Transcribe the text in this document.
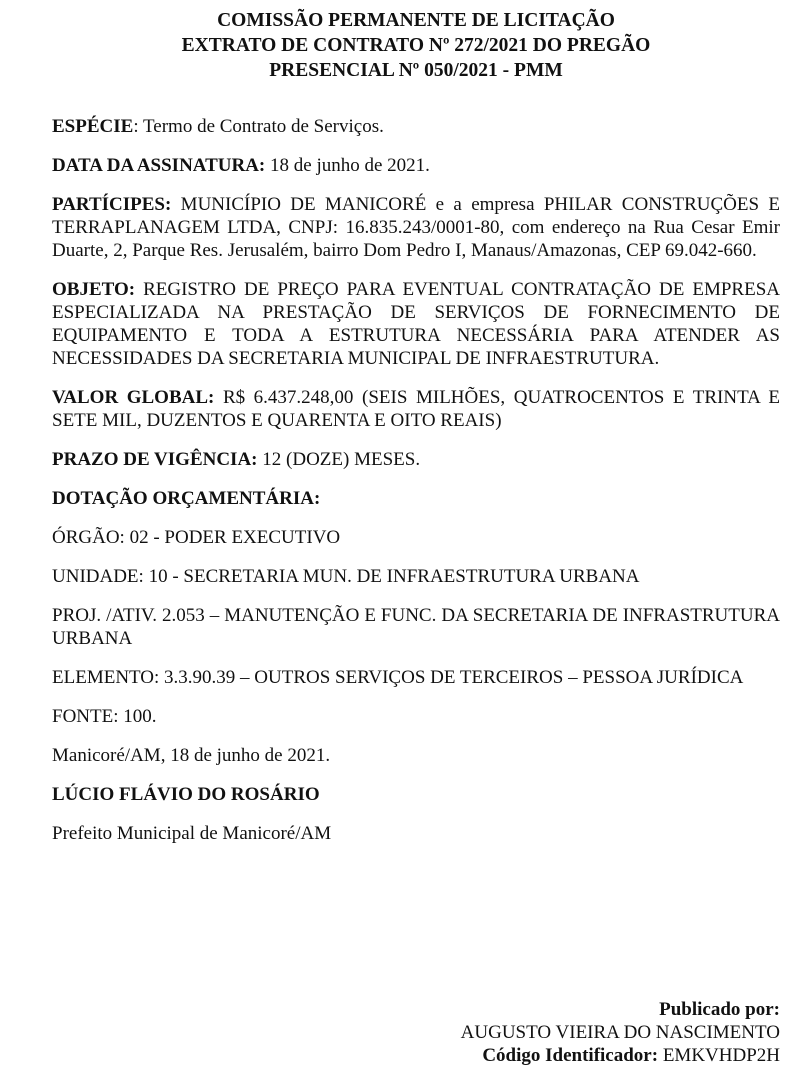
COMISSÃO PERMANENTE DE LICITAÇÃO
EXTRATO DE CONTRATO Nº 272/2021 DO PREGÃO
PRESENCIAL Nº 050/2021 - PMM

ESPÉCIE: Termo de Contrato de Serviços.

DATA DA ASSINATURA: 18 de junho de 2021.

PARTÍCIPES: MUNICÍPIO DE MANICORÉ e a empresa PHILAR CONSTRUÇÕES E TERRAPLANAGEM LTDA, CNPJ: 16.835.243/0001-80, com endereço na Rua Cesar Emir Duarte, 2, Parque Res. Jerusalém, bairro Dom Pedro I, Manaus/Amazonas, CEP 69.042-660.

OBJETO: REGISTRO DE PREÇO PARA EVENTUAL CONTRATAÇÃO DE EMPRESA ESPECIALIZADA NA PRESTAÇÃO DE SERVIÇOS DE FORNECIMENTO DE EQUIPAMENTO E TODA A ESTRUTURA NECESSÁRIA PARA ATENDER AS NECESSIDADES DA SECRETARIA MUNICIPAL DE INFRAESTRUTURA.

VALOR GLOBAL: R$ 6.437.248,00 (SEIS MILHÕES, QUATROCENTOS E TRINTA E SETE MIL, DUZENTOS E QUARENTA E OITO REAIS)

PRAZO DE VIGÊNCIA: 12 (DOZE) MESES.

DOTAÇÃO ORÇAMENTÁRIA:

ÓRGÃO: 02 - PODER EXECUTIVO

UNIDADE: 10 - SECRETARIA MUN. DE INFRAESTRUTURA URBANA

PROJ. /ATIV. 2.053 – MANUTENÇÃO E FUNC. DA SECRETARIA DE INFRASTRUTURA URBANA

ELEMENTO: 3.3.90.39 – OUTROS SERVIÇOS DE TERCEIROS – PESSOA JURÍDICA

FONTE: 100.

Manicoré/AM, 18 de junho de 2021.

LÚCIO FLÁVIO DO ROSÁRIO

Prefeito Municipal de Manicoré/AM

Publicado por:
AUGUSTO VIEIRA DO NASCIMENTO
Código Identificador: EMKVHDP2H
